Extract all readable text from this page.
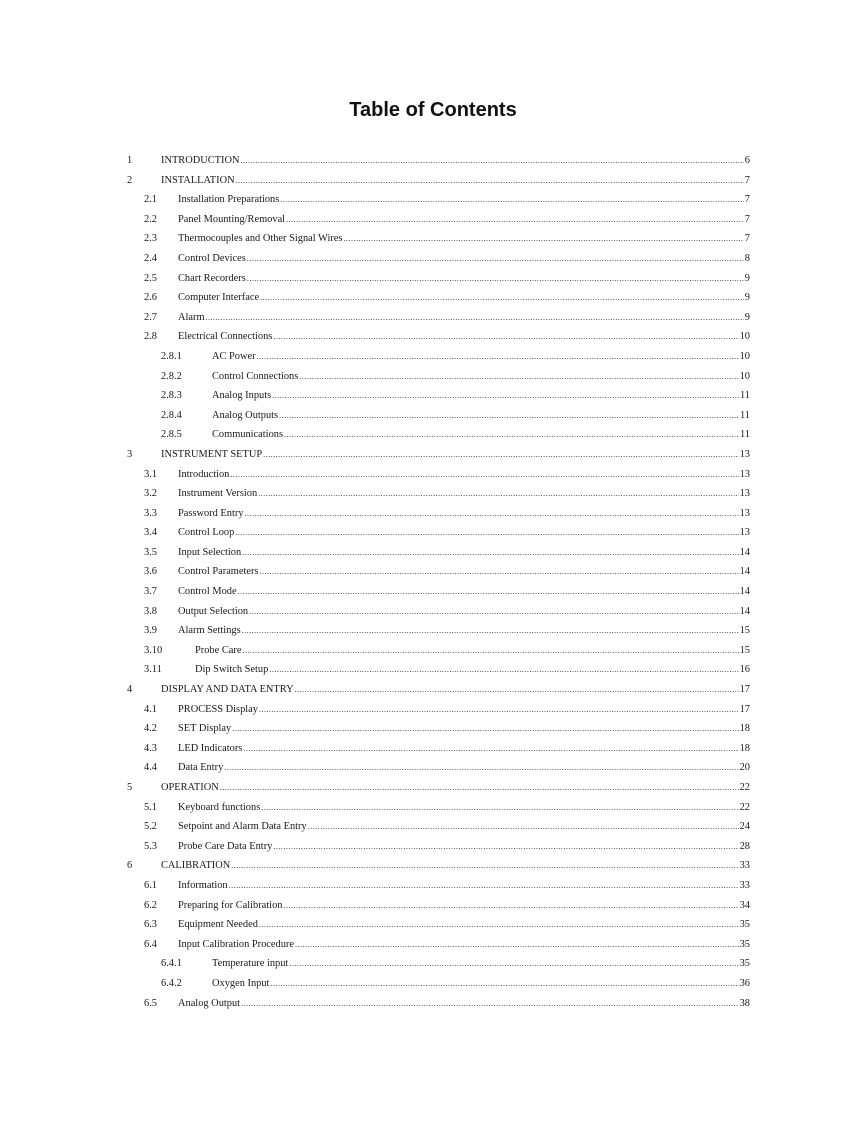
Table of Contents
1	INTRODUCTION .....	6
2	INSTALLATION .....	7
2.1 Installation Preparations .....	7
2.2 Panel Mounting/Removal .....	7
2.3 Thermocouples and Other Signal Wires .....	7
2.4 Control Devices .....	8
2.5 Chart Recorders .....	9
2.6 Computer Interface .....	9
2.7 Alarm .....	9
2.8 Electrical Connections .....	10
2.8.1	AC Power .....	10
2.8.2	Control Connections .....	10
2.8.3	Analog Inputs .....	11
2.8.4	Analog Outputs .....	11
2.8.5	Communications .....	11
3	INSTRUMENT SETUP .....	13
3.1 Introduction .....	13
3.2 Instrument Version .....	13
3.3 Password Entry .....	13
3.4 Control Loop .....	13
3.5 Input Selection .....	14
3.6 Control Parameters .....	14
3.7 Control Mode .....	14
3.8 Output Selection .....	14
3.9 Alarm Settings .....	15
3.10	Probe Care .....	15
3.11	Dip Switch Setup .....	16
4	DISPLAY AND DATA ENTRY .....	17
4.1 PROCESS Display .....	17
4.2 SET Display .....	18
4.3 LED Indicators .....	18
4.4 Data Entry .....	20
5	OPERATION .....	22
5.1 Keyboard functions .....	22
5.2 Setpoint and Alarm Data Entry .....	24
5.3 Probe Care Data Entry .....	28
6	CALIBRATION .....	33
6.1 Information .....	33
6.2 Preparing for Calibration .....	34
6.3 Equipment Needed .....	35
6.4 Input Calibration Procedure .....	35
6.4.1	Temperature input .....	35
6.4.2	Oxygen Input .....	36
6.5 Analog Output .....	38
